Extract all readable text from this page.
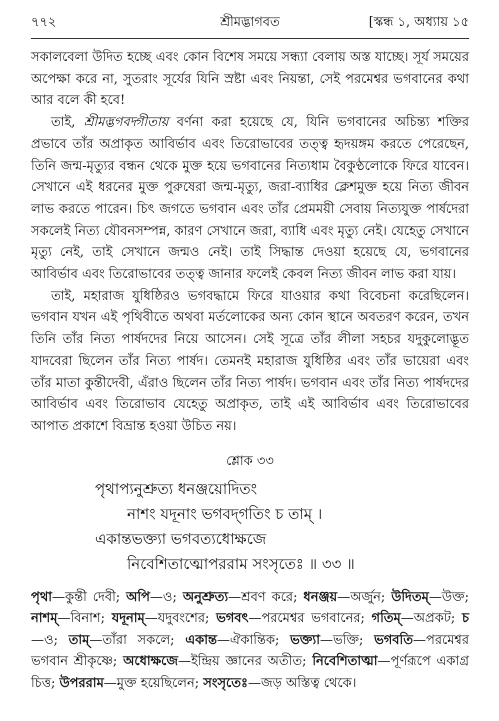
৭৭২	শ্রীমদ্ভাগবত	[স্কন্ধ ১, অধ্যায় ১৫

সকালবেলা উদিত হচ্ছে এবং কোন বিশেষ সময়ে সন্ধ্যা বেলায় অস্ত যাচ্ছে। সূর্য সময়ের অপেক্ষা করে না, সুতরাং সূর্যের যিনি স্রষ্টা এবং নিয়ন্তা, সেই পরমেশ্বর ভগবানের কথা আর বলে কী হবে!

তাই, শ্রীমদ্ভগবদ্গীতায় বর্ণনা করা হয়েছে যে, যিনি ভগবানের অচিন্ত্য শক্তির প্রভাবে তাঁর অপ্রাকৃত আবির্ভাব এবং তিরোভাবের তত্ত্ব হৃদয়ঙ্গম করতে পেরেছেন, তিনি জন্ম-মৃত্যুর বন্ধন থেকে মুক্ত হয়ে ভগবানের নিত্যধাম বৈকুণ্ঠলোকে ফিরে যাবেন। সেখানে এই ধরনের মুক্ত পুরুষেরা জন্ম-মৃত্যু, জরা-ব্যাধির ক্লেশমুক্ত হয়ে নিত্য জীবন লাভ করতে পারেন। চিৎ জগতে ভগবান এবং তাঁর প্রেমময়ী সেবায় নিত্যযুক্ত পার্ষদেরা সকলেই নিত্য যৌবনসম্পন্ন, কারণ সেখানে জরা, ব্যাধি এবং মৃত্যু নেই। যেহেতু সেখানে মৃত্যু নেই, তাই সেখানে জন্মও নেই। তাই সিদ্ধান্ত দেওয়া হয়েছে যে, ভগবানের আবির্ভাব এবং তিরোভাবের তত্ত্ব জানার ফলেই কেবল নিত্য জীবন লাভ করা যায়।

তাই, মহারাজ যুধিষ্ঠিরও ভগবদ্ধামে ফিরে যাওয়ার কথা বিবেচনা করেছিলেন। ভগবান যখন এই পৃথিবীতে অথবা মর্তলোকের অন্য কোন স্থানে অবতরণ করেন, তখন তিনি তাঁর নিত্য পার্ষদদের নিয়ে আসেন। সেই সূত্রে তাঁর লীলা সহচর যদুকুলোদ্ভূত যাদবেরা ছিলেন তাঁর নিত্য পার্ষদ। তেমনই মহারাজ যুধিষ্ঠির এবং তাঁর ভায়েরা এবং তাঁর মাতা কুন্তীদেবী, এঁরাও ছিলেন তাঁর নিত্য পার্ষদ। ভগবান এবং তাঁর নিত্য পার্ষদদের আবির্ভাব এবং তিরোভাব যেহেতু অপ্রাকৃত, তাই এই আবির্ভাব এবং তিরোভাবের আপাত প্রকাশে বিভ্রান্ত হওয়া উচিত নয়।

শ্লোক ৩৩
পৃথাপ্যনুশ্রুত্য ধনঞ্জয়োদিতং
নাশং যদূনাং ভগবদ্‌গতিং চ তাম্‌ ।
একান্তভক্ত্যা ভগবত্যধোক্ষজে
নিবেশিতাত্মোপররাম সংসৃতেঃ ॥ ৩৩ ॥
পৃথা—কুন্তী দেবী; অপি—ও; অনুশ্রুত্য—শ্রবণ করে; ধনঞ্জয়—অর্জুন; উদিতম্‌—উক্ত; নাশম্‌—বিনাশ; যদূনাম্‌—যদুবংশের; ভগবৎ—পরমেশ্বর ভগবানের; গতিম্‌—অপ্রকট; চ—ও; তাম্‌—তাঁরা সকলে; একান্ত—ঐকান্তিক; ভক্ত্যা—ভক্তি; ভগবতি—পরমেশ্বর ভগবান শ্রীকৃষ্ণে; অধোক্ষজে—ইন্দ্রিয় জ্ঞানের অতীত; নিবেশিতাত্মা—পূর্ণরূপে একাগ্র চিত্ত; উপররাম—মুক্ত হয়েছিলেন; সংসৃতেঃ—জড় অস্তিত্ব থেকে।
